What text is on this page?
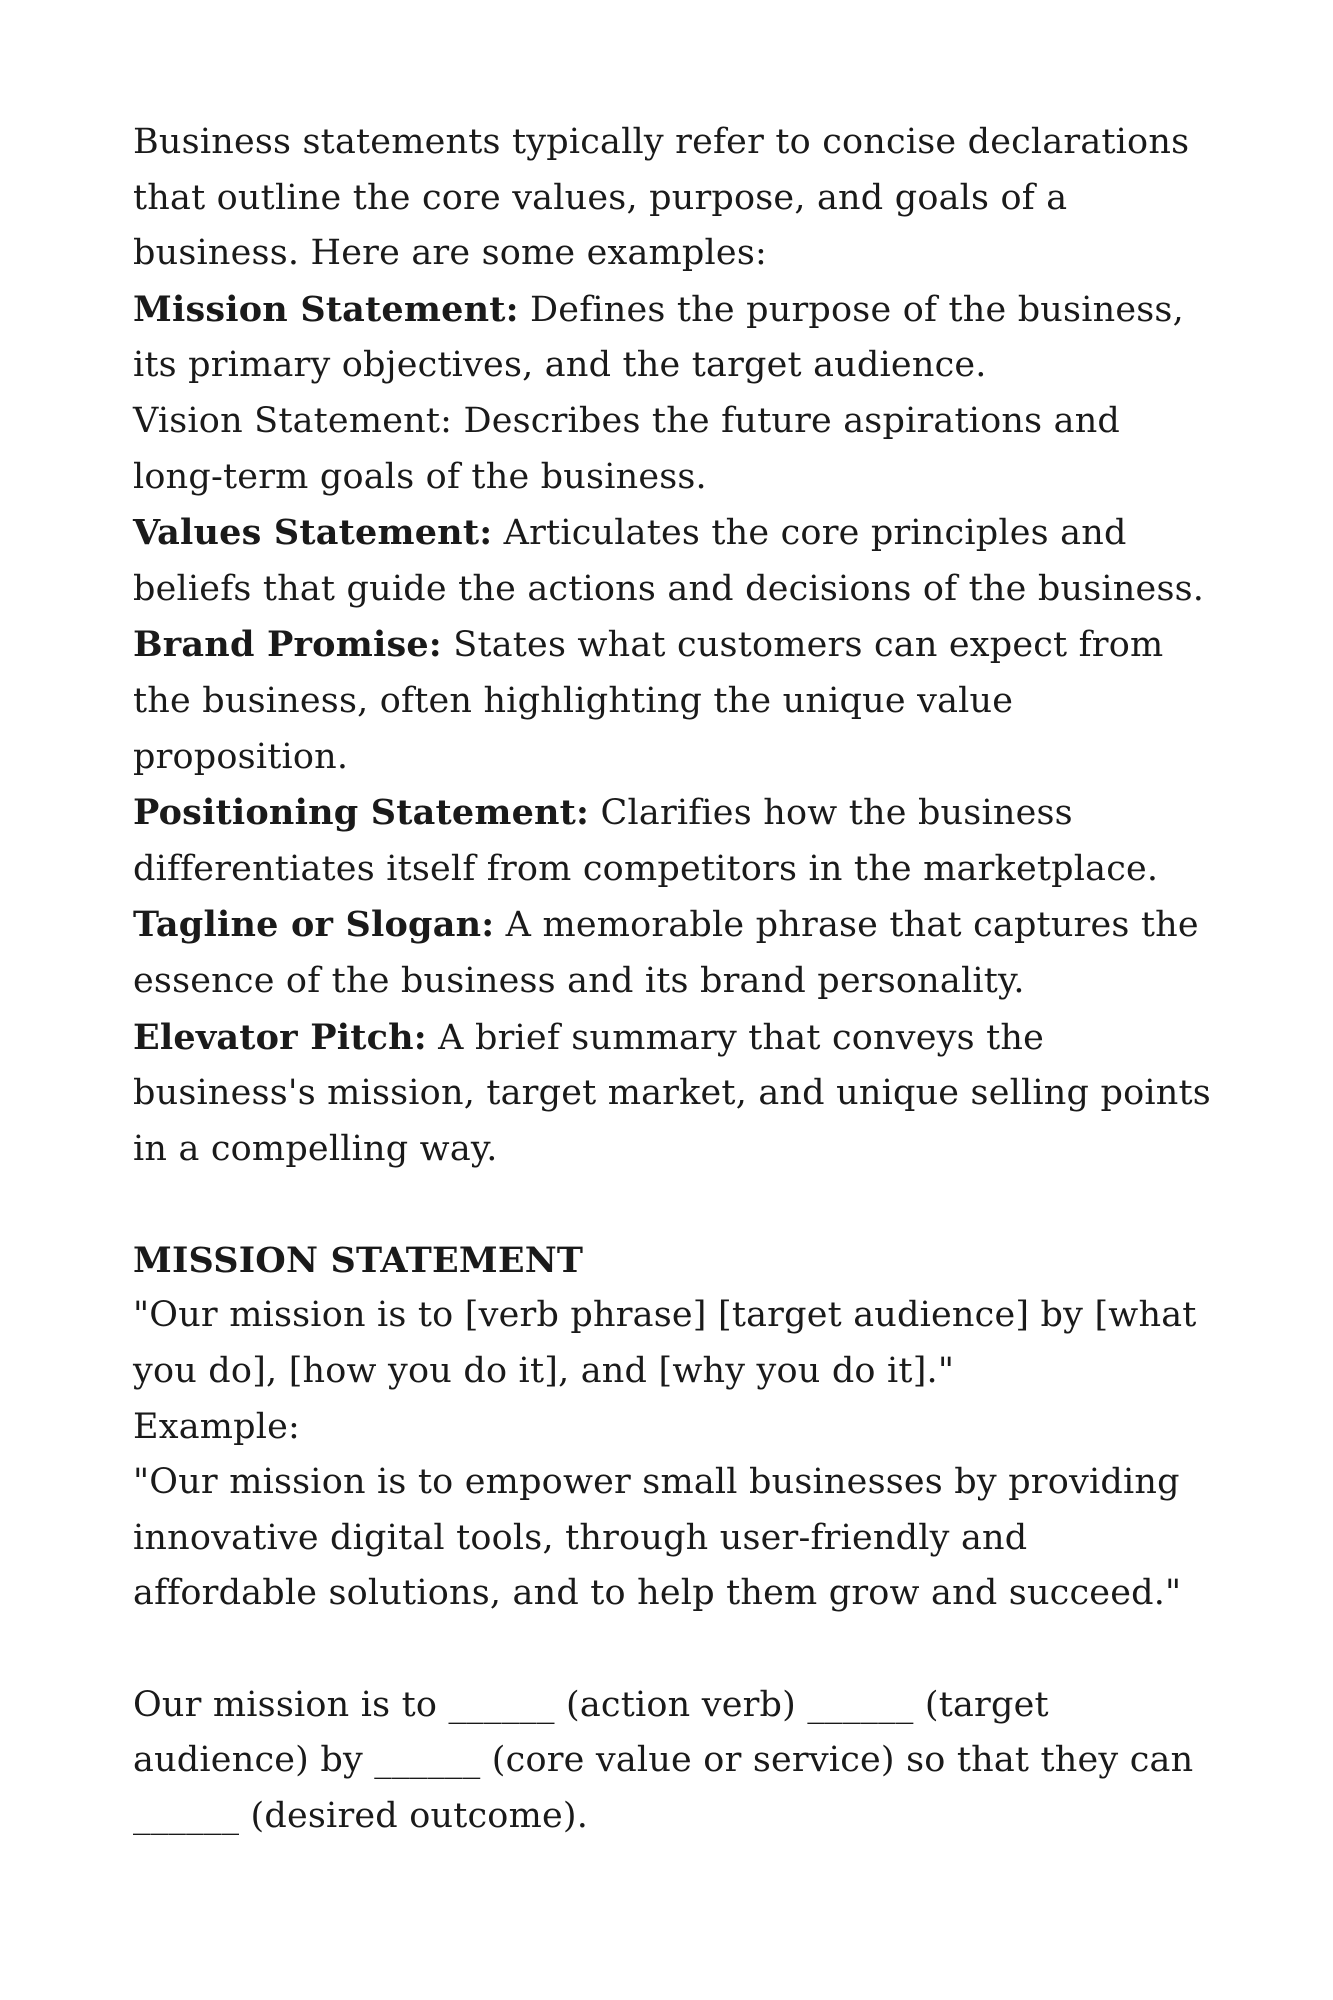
Business statements typically refer to concise declarations that outline the core values, purpose, and goals of a business. Here are some examples:

Mission Statement: Defines the purpose of the business, its primary objectives, and the target audience.

Vision Statement: Describes the future aspirations and long-term goals of the business.

Values Statement: Articulates the core principles and beliefs that guide the actions and decisions of the business.

Brand Promise: States what customers can expect from the business, often highlighting the unique value proposition.

Positioning Statement: Clarifies how the business differentiates itself from competitors in the marketplace.

Tagline or Slogan: A memorable phrase that captures the essence of the business and its brand personality.

Elevator Pitch: A brief summary that conveys the business's mission, target market, and unique selling points in a compelling way.

MISSION STATEMENT

"Our mission is to [verb phrase] [target audience] by [what you do], [how you do it], and [why you do it]."

Example:

"Our mission is to empower small businesses by providing innovative digital tools, through user-friendly and affordable solutions, and to help them grow and succeed."

Our mission is to ______ (action verb) ______ (target audience) by ______ (core value or service) so that they can ______ (desired outcome).
